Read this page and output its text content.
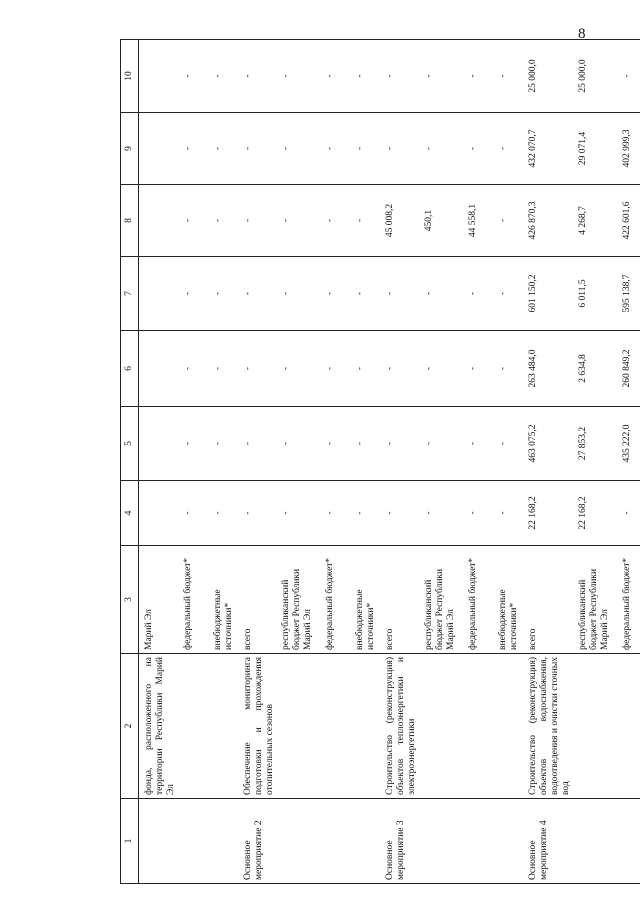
8
1	2	3	4	5	6	7	8	9	10
	фонда, расположенного на территории Республики Марий Эл	Марий Эл							
		федеральный бюджет*	-	-	-	-	-	-	-
		внебюджетные источники*	-	-	-	-	-	-	-
Основное мероприятие 2	Обеспечение мониторинга подготовки и прохождения отопительных сезонов	всего	-	-	-	-	-	-	-
		республиканский бюджет Республики Марий Эл	-	-	-	-	-	-	-
		федеральный бюджет*	-	-	-	-	-	-	-
		внебюджетные источники*	-	-	-	-	-	-	-
Основное мероприятие 3	Строительство (реконструкция) объектов теплоэнергетики и электроэнергетики	всего	-	-	-	-	45 008,2	-	-
		республиканский бюджет Республики Марий Эл	-	-	-	-	450,1	-	-
		федеральный бюджет*	-	-	-	-	44 558,1	-	-
		внебюджетные источники*	-	-	-	-	-	-	-
Основное мероприятие 4	Строительство (реконструкция) объектов водоснабжения, водоотведения и очистки сточных вод	всего	22 168,2	463 075,2	263 484,0	601 150,2	426 870,3	432 070,7	25 000,0
		республиканский бюджет Республики Марий Эл	22 168,2	27 853,2	2 634,8	6 011,5	4 268,7	29 071,4	25 000,0
		федеральный бюджет*	-	435 222,0	260 849,2	595 138,7	422 601,6	402 999,3	-
